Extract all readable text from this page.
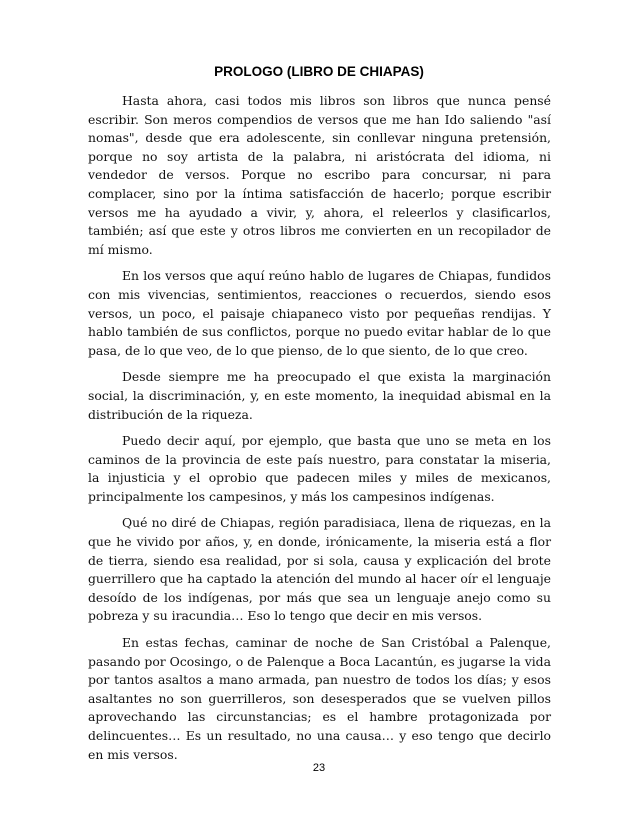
PROLOGO (LIBRO DE CHIAPAS)

Hasta ahora, casi todos mis libros son libros que nunca pensé escribir. Son meros compendios de versos que me han Ido saliendo "así nomas", desde que era adolescente, sin conllevar ninguna pretensión, porque no soy artista de la palabra, ni aristócrata del idioma, ni vendedor de versos. Porque no escribo para concursar, ni para complacer, sino por la íntima satisfacción de hacerlo; porque escribir versos me ha ayudado a vivir, y, ahora, el releerlos y clasificarlos, también; así que este y otros libros me convierten en un recopilador de mí mismo.

En los versos que aquí reúno hablo de lugares de Chiapas, fundidos con mis vivencias, sentimientos, reacciones o recuerdos, siendo esos versos, un poco, el paisaje chiapaneco visto por pequeñas rendijas. Y hablo también de sus conflictos, porque no puedo evitar hablar de lo que pasa, de lo que veo, de lo que pienso, de lo que siento, de lo que creo.

Desde siempre me ha preocupado el que exista la marginación social, la discriminación, y, en este momento, la inequidad abismal en la distribución de la riqueza.

Puedo decir aquí, por ejemplo, que basta que uno se meta en los caminos de la provincia de este país nuestro, para constatar la miseria, la injusticia y el oprobio que padecen miles y miles de mexicanos, principalmente los campesinos, y más los campesinos indígenas.

Qué no diré de Chiapas, región paradisiaca, llena de riquezas, en la que he vivido por años, y, en donde, irónicamente, la miseria está a flor de tierra, siendo esa realidad, por si sola, causa y explicación del brote guerrillero que ha captado la atención del mundo al hacer oír el lenguaje desoído de los indígenas, por más que sea un lenguaje anejo como su pobreza y su iracundia… Eso lo tengo que decir en mis versos.

En estas fechas, caminar de noche de San Cristóbal a Palenque, pasando por Ocosingo, o de Palenque a Boca Lacantún, es jugarse la vida por tantos asaltos a mano armada, pan nuestro de todos los días; y esos asaltantes no son guerrilleros, son desesperados que se vuelven pillos aprovechando las circunstancias; es el hambre protagonizada por delincuentes… Es un resultado, no una causa… y eso tengo que decirlo en mis versos.

23
